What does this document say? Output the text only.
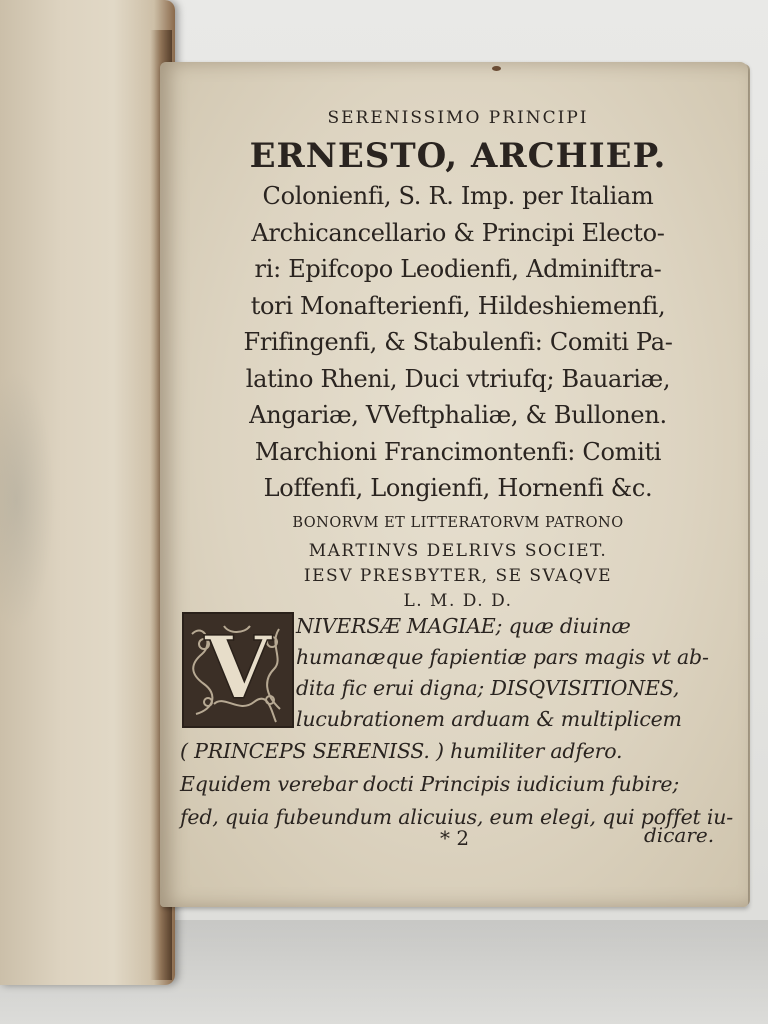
SERENISSIMO PRINCIPI
ERNESTO, ARCHIEP.
Colonienfi, S. R. Imp. per Italiam
Archicancellario & Principi Electo-
ri: Epifcopo Leodienfi, Adminiftra-
tori Monafterienfi, Hildeshiemenfi,
Frifingenfi, & Stabulenfi: Comiti Pa-
latino Rheni, Duci vtriufq; Bauariæ,
Angariæ, VVeftphaliæ, & Bullonen.
Marchioni Francimontenfi: Comiti
Loffenfi, Longienfi, Hornenfi &c.
BONORVM ET LITTERATORVM PATRONO
MARTINVS DELRIVS SOCIET.
IESV PRESBYTER, SE SVAQVE
L. M. D. D.
V NIVERSÆ MAGIAE; quæ diuinæ
humanæque fapientiæ pars magis vt ab-
dita fic erui digna; DISQVISITIONES,
lucubrationem arduam & multiplicem
( PRINCEPS SERENISS. ) humiliter adfero.
Equidem verebar docti Principis iudicium fubire;
fed, quia fubeundum alicuius, eum elegi, qui poffet iu-
* 2	dicare.
